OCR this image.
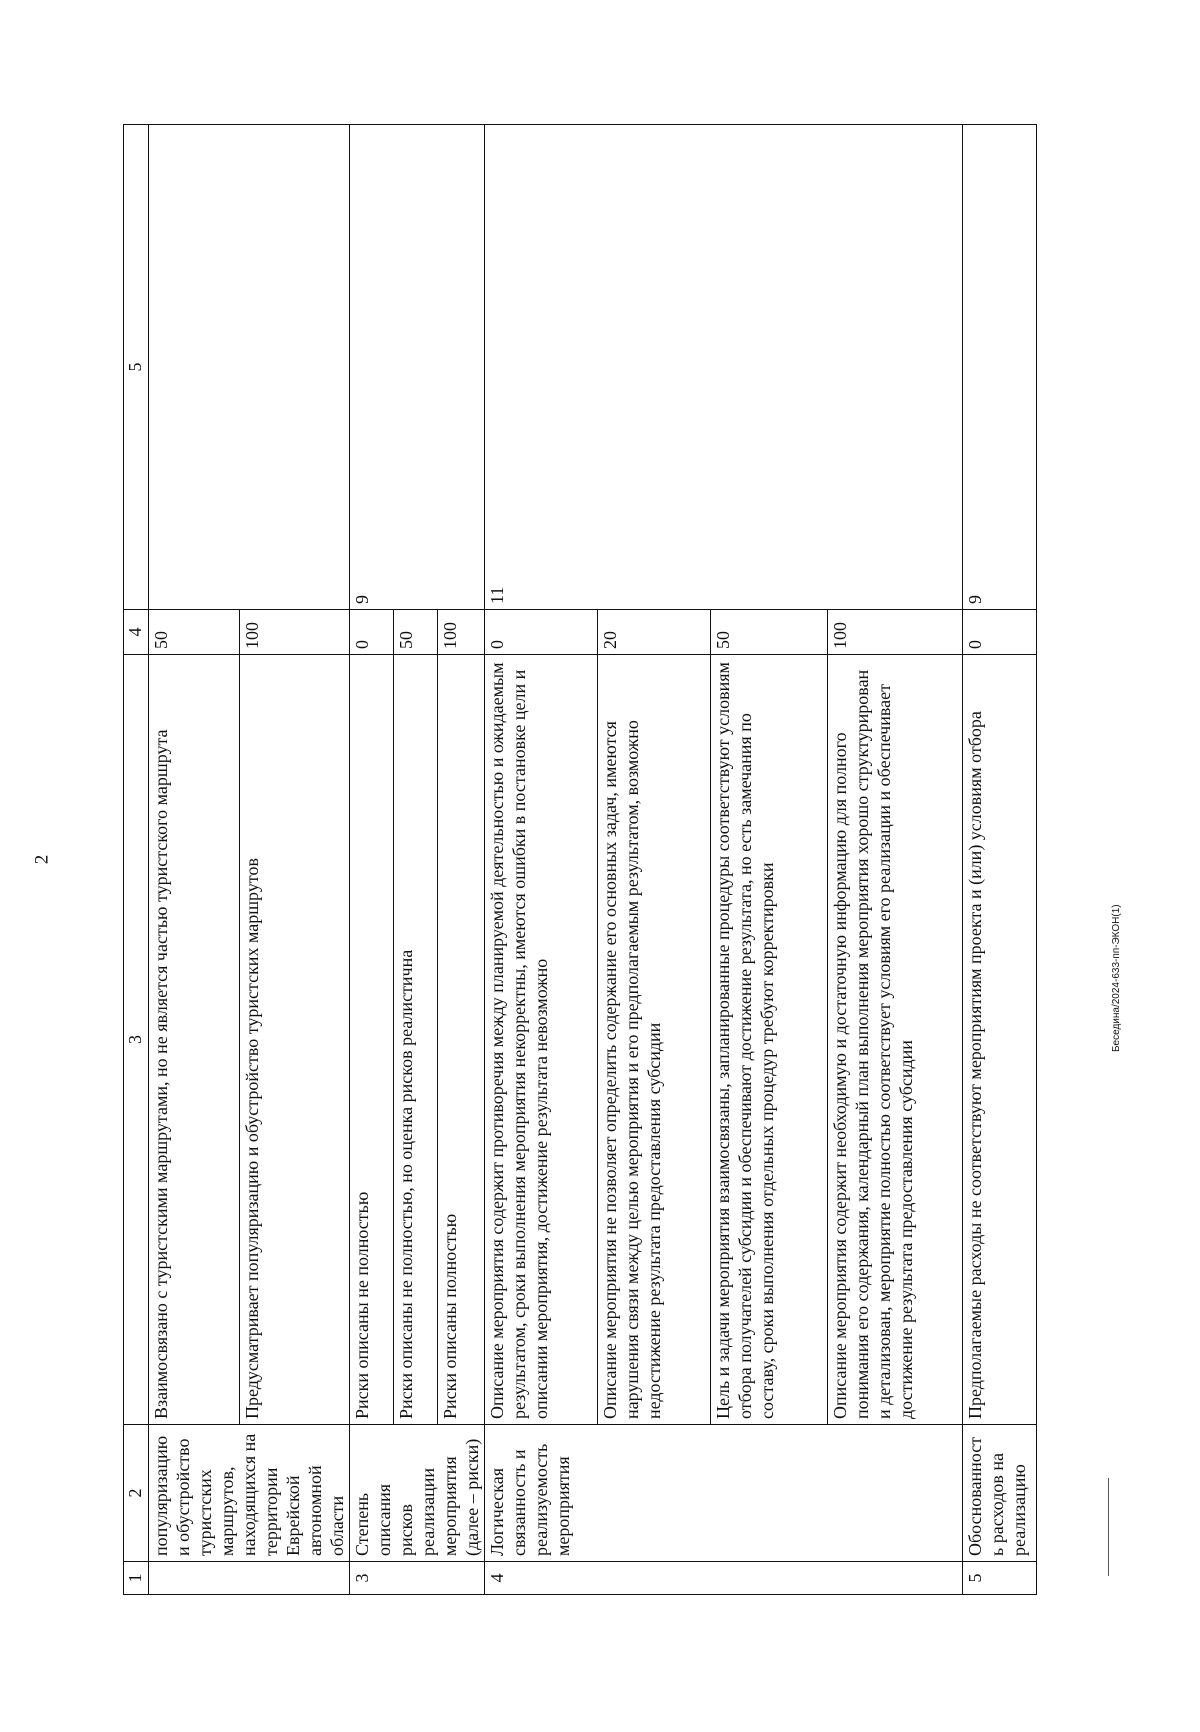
2
1	2	3	4	5
	популяризацию и обустройство туристских маршрутов, находящихся на территории Еврейской автономной области	Взаимосвязано с туристскими маршрутами, но не является частью туристского маршрута	50	
		Предусматривает популяризацию и обустройство туристских маршрутов	100	
3	Степень описания рисков реализации мероприятия (далее – риски)	Риски описаны не полностью	0	9
		Риски описаны не полностью, но оценка рисков реалистична	50	
		Риски описаны полностью	100	
4	Логическая связанность и реализуемость мероприятия	Описание мероприятия содержит противоречия между планируемой деятельностью и ожидаемым результатом, сроки выполнения мероприятия некорректны, имеются ошибки в постановке цели и описании мероприятия, достижение результата невозможно	0	11
		Описание мероприятия не позволяет определить содержание его основных задач, имеются нарушения связи между целью мероприятия и его предполагаемым результатом, возможно недостижение результата предоставления субсидии	20	
		Цель и задачи мероприятия взаимосвязаны, запланированные процедуры соответствуют условиям отбора получателей субсидии и обеспечивают достижение результата, но есть замечания по составу, сроки выполнения отдельных процедур требуют корректировки	50	
		Описание мероприятия содержит необходимую и достаточную информацию для полного понимания его содержания, календарный план выполнения мероприятия хорошо структурирован и детализован, мероприятие полностью соответствует условиям его реализации и обеспечивает достижение результата предоставления субсидии	100	
5	Обоснованность расходов на реализацию	Предполагаемые расходы не соответствуют мероприятиям проекта и (или) условиям отбора	0	9
Беседина/2024-633-пп-ЭКОН(1)
